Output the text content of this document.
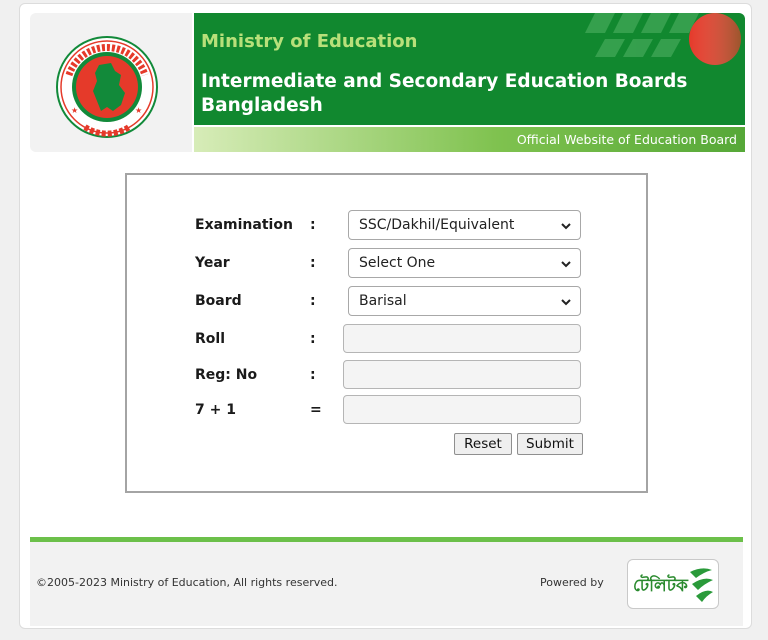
★	★
Ministry of Education
Intermediate and Secondary Education Boards
Bangladesh
Official Website of Education Board
Examination :	SSC/Dakhil/Equivalent
Year	:	Select One
Board	:	Barisal
Roll	:
Reg: No	:
7 + 1	=
Reset	Submit
©2005-2023 Ministry of Education, All rights reserved.	Powered by টেলিটক
